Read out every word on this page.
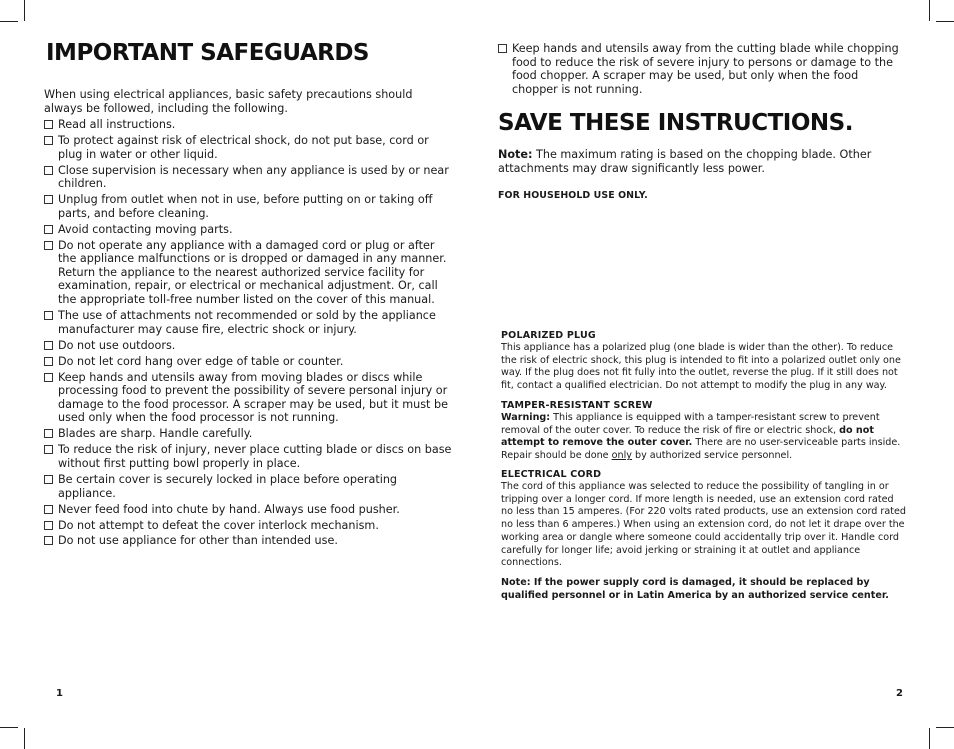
IMPORTANT SAFEGUARDS

When using electrical appliances, basic safety precautions should always be followed, including the following.

Read all instructions.
To protect against risk of electrical shock, do not put base, cord or plug in water or other liquid.
Close supervision is necessary when any appliance is used by or near children.
Unplug from outlet when not in use, before putting on or taking off parts, and before cleaning.
Avoid contacting moving parts.
Do not operate any appliance with a damaged cord or plug or after the appliance malfunctions or is dropped or damaged in any manner. Return the appliance to the nearest authorized service facility for examination, repair, or electrical or mechanical adjustment. Or, call the appropriate toll-free number listed on the cover of this manual.
The use of attachments not recommended or sold by the appliance manufacturer may cause fire, electric shock or injury.
Do not use outdoors.
Do not let cord hang over edge of table or counter.
Keep hands and utensils away from moving blades or discs while processing food to prevent the possibility of severe personal injury or damage to the food processor. A scraper may be used, but it must be used only when the food processor is not running.
Blades are sharp. Handle carefully.
To reduce the risk of injury, never place cutting blade or discs on base without first putting bowl properly in place.
Be certain cover is securely locked in place before operating appliance.
Never feed food into chute by hand. Always use food pusher.
Do not attempt to defeat the cover interlock mechanism.
Do not use appliance for other than intended use.
1
Keep hands and utensils away from the cutting blade while chopping food to reduce the risk of severe injury to persons or damage to the food chopper. A scraper may be used, but only when the food chopper is not running.
SAVE THESE INSTRUCTIONS.

Note: The maximum rating is based on the chopping blade. Other attachments may draw significantly less power.

FOR HOUSEHOLD USE ONLY.
POLARIZED PLUG

This appliance has a polarized plug (one blade is wider than the other). To reduce the risk of electric shock, this plug is intended to fit into a polarized outlet only one way. If the plug does not fit fully into the outlet, reverse the plug. If it still does not fit, contact a qualified electrician. Do not attempt to modify the plug in any way.

TAMPER-RESISTANT SCREW

Warning: This appliance is equipped with a tamper-resistant screw to prevent removal of the outer cover. To reduce the risk of fire or electric shock, do not attempt to remove the outer cover. There are no user-serviceable parts inside. Repair should be done only by authorized service personnel.

ELECTRICAL CORD

The cord of this appliance was selected to reduce the possibility of tangling in or tripping over a longer cord. If more length is needed, use an extension cord rated no less than 15 amperes. (For 220 volts rated products, use an extension cord rated no less than 6 amperes.) When using an extension cord, do not let it drape over the working area or dangle where someone could accidentally trip over it. Handle cord carefully for longer life; avoid jerking or straining it at outlet and appliance connections.

Note: If the power supply cord is damaged, it should be replaced by qualified personnel or in Latin America by an authorized service center.

2
